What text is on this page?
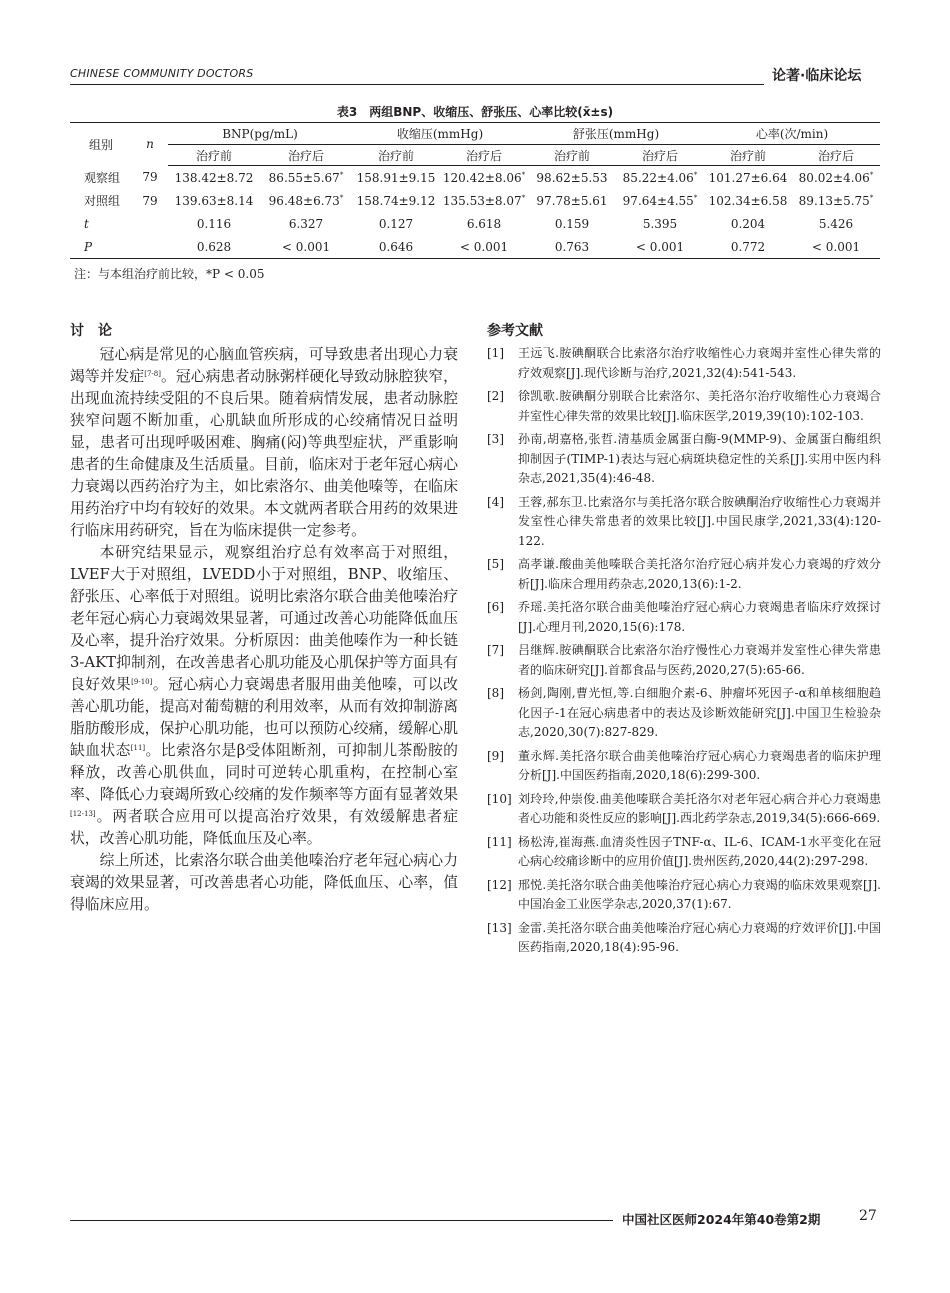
CHINESE COMMUNITY DOCTORS	论著·临床论坛
表3　两组BNP、收缩压、舒张压、心率比较(x̄±s)
组别	n	BNP(pg/mL)		收缩压(mmHg)		舒张压(mmHg)		心率(次/min)	
		治疗前	治疗后	治疗前	治疗后	治疗前	治疗后	治疗前	治疗后
观察组	79	138.42±8.72	86.55±5.67*	158.91±9.15	120.42±8.06*	98.62±5.53	85.22±4.06*	101.27±6.64	80.02±4.06*
对照组	79	139.63±8.14	96.48±6.73*	158.74±9.12	135.53±8.07*	97.78±5.61	97.64±4.55*	102.34±6.58	89.13±5.75*
t		0.116	6.327	0.127	6.618	0.159	5.395	0.204	5.426
P		0.628	< 0.001	0.646	< 0.001	0.763	< 0.001	0.772	< 0.001
注：与本组治疗前比较，*P < 0.05
讨　论

冠心病是常见的心脑血管疾病，可导致患者出现心力衰竭等并发症[7-8]。冠心病患者动脉粥样硬化导致动脉腔狭窄，出现血流持续受阻的不良后果。随着病情发展，患者动脉腔狭窄问题不断加重，心肌缺血所形成的心绞痛情况日益明显，患者可出现呼吸困难、胸痛(闷)等典型症状，严重影响患者的生命健康及生活质量。目前，临床对于老年冠心病心力衰竭以西药治疗为主，如比索洛尔、曲美他嗪等，在临床用药治疗中均有较好的效果。本文就两者联合用药的效果进行临床用药研究，旨在为临床提供一定参考。

本研究结果显示，观察组治疗总有效率高于对照组，LVEF大于对照组，LVEDD小于对照组，BNP、收缩压、舒张压、心率低于对照组。说明比索洛尔联合曲美他嗪治疗老年冠心病心力衰竭效果显著，可通过改善心功能降低血压及心率，提升治疗效果。分析原因：曲美他嗪作为一种长链3-AKT抑制剂，在改善患者心肌功能及心肌保护等方面具有良好效果[9-10]。冠心病心力衰竭患者服用曲美他嗪，可以改善心肌功能，提高对葡萄糖的利用效率，从而有效抑制游离脂肪酸形成，保护心肌功能，也可以预防心绞痛，缓解心肌缺血状态[11]。比索洛尔是β受体阻断剂，可抑制儿茶酚胺的释放，改善心肌供血，同时可逆转心肌重构，在控制心室率、降低心力衰竭所致心绞痛的发作频率等方面有显著效果[12-13]。两者联合应用可以提高治疗效果，有效缓解患者症状，改善心肌功能，降低血压及心率。

综上所述，比索洛尔联合曲美他嗪治疗老年冠心病心力衰竭的效果显著，可改善患者心功能，降低血压、心率，值得临床应用。

参考文献
[1]	王远飞.胺碘酮联合比索洛尔治疗收缩性心力衰竭并室性心律失常的疗效观察[J].现代诊断与治疗,2021,32(4):541-543.
[2]	徐凯歌.胺碘酮分别联合比索洛尔、美托洛尔治疗收缩性心力衰竭合并室性心律失常的效果比较[J].临床医学,2019,39(10):102-103.
[3]	孙南,胡嘉格,张哲.清基质金属蛋白酶-9(MMP-9)、金属蛋白酶组织抑制因子(TIMP-1)表达与冠心病斑块稳定性的关系[J].实用中医内科杂志,2021,35(4):46-48.
[4]	王蓉,郝东卫.比索洛尔与美托洛尔联合胺碘酮治疗收缩性心力衰竭并发室性心律失常患者的效果比较[J].中国民康学,2021,33(4):120-122.
[5]	高孝谦.酸曲美他嗪联合美托洛尔治疗冠心病并发心力衰竭的疗效分析[J].临床合理用药杂志,2020,13(6):1-2.
[6]	乔瑶.美托洛尔联合曲美他嗪治疗冠心病心力衰竭患者临床疗效探讨[J].心理月刊,2020,15(6):178.
[7]	吕继辉.胺碘酮联合比索洛尔治疗慢性心力衰竭并发室性心律失常患者的临床研究[J].首都食品与医药,2020,27(5):65-66.
[8]	杨剑,陶刚,曹光恒,等.白细胞介素-6、肿瘤坏死因子-α和单核细胞趋化因子-1在冠心病患者中的表达及诊断效能研究[J].中国卫生检验杂志,2020,30(7):827-829.
[9]	董永辉.美托洛尔联合曲美他嗪治疗冠心病心力衰竭患者的临床护理分析[J].中国医药指南,2020,18(6):299-300.
[10] 刘玲玲,仲崇俊.曲美他嗪联合美托洛尔对老年冠心病合并心力衰竭患者心功能和炎性反应的影响[J].西北药学杂志,2019,34(5):666-669.
[11] 杨松涛,崔海燕.血清炎性因子TNF-α、IL-6、ICAM-1水平变化在冠心病心绞痛诊断中的应用价值[J].贵州医药,2020,44(2):297-298.
[12] 邢悦.美托洛尔联合曲美他嗪治疗冠心病心力衰竭的临床效果观察[J].中国冶金工业医学杂志,2020,37(1):67.
[13] 金雷.美托洛尔联合曲美他嗪治疗冠心病心力衰竭的疗效评价[J].中国医药指南,2020,18(4):95-96.
中国社区医师2024年第40卷第2期	27
